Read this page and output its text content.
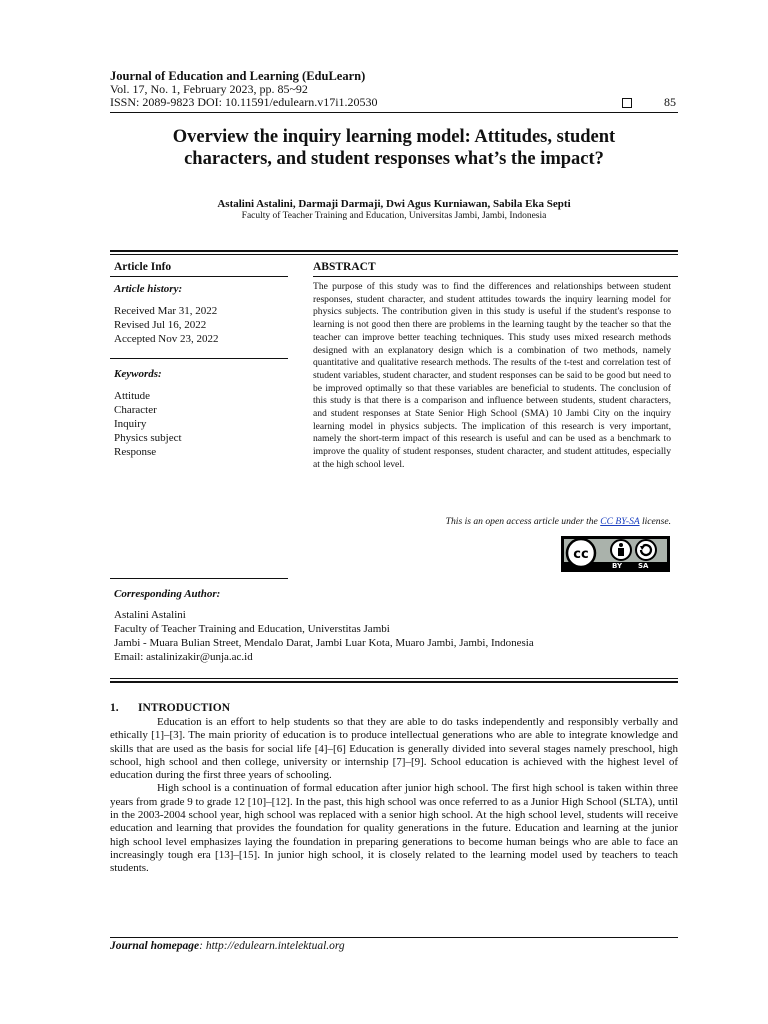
Journal of Education and Learning (EduLearn)
Vol. 17, No. 1, February 2023, pp. 85~92
ISSN: 2089-9823 DOI: 10.11591/edulearn.v17i1.20530	85
Overview the inquiry learning model: Attitudes, student
characters, and student responses what’s the impact?
Astalini Astalini, Darmaji Darmaji, Dwi Agus Kurniawan, Sabila Eka Septi
Faculty of Teacher Training and Education, Universitas Jambi, Jambi, Indonesia
Article Info
Article history:
Received Mar 31, 2022
Revised Jul 16, 2022
Accepted Nov 23, 2022
Keywords:
Attitude
Character
Inquiry
Physics subject
Response
ABSTRACT
The purpose of this study was to find the differences and relationships between student responses, student character, and student attitudes towards the inquiry learning model for physics subjects. The contribution given in this study is useful if the student's response to learning is not good then there are problems in the learning taught by the teacher so that the teacher can improve better teaching techniques. This study uses mixed research methods designed with an explanatory design which is a combination of two methods, namely quantitative and qualitative research methods. The results of the t-test and correlation test of student variables, student character, and student responses can be said to be good but need to be improved optimally so that these variables are beneficial to students. The conclusion of this study is that there is a comparison and influence between students, student characters, and student responses at State Senior High School (SMA) 10 Jambi City on the inquiry learning model in physics subjects. The implication of this research is very important, namely the short-term impact of this research is useful and can be used as a benchmark to improve the quality of student responses, student character, and student attitudes, especially at the high school level.
This is an open access article under the CC BY-SA license.
cc
BY SA
Corresponding Author:
Astalini Astalini
Faculty of Teacher Training and Education, Universtitas Jambi
Jambi - Muara Bulian Street, Mendalo Darat, Jambi Luar Kota, Muaro Jambi, Jambi, Indonesia
Email: astalinizakir@unja.ac.id
1. INTRODUCTION

Education is an effort to help students so that they are able to do tasks independently and responsibly verbally and ethically [1]–[3]. The main priority of education is to produce intellectual generations who are able to integrate knowledge and skills that are used as the basis for social life [4]–[6] Education is generally divided into several stages namely preschool, high school, high school and then college, university or internship [7]–[9]. School education is achieved with the highest level of education during the first three years of schooling.

High school is a continuation of formal education after junior high school. The first high school is taken within three years from grade 9 to grade 12 [10]–[12]. In the past, this high school was once referred to as a Junior High School (SLTA), until in the 2003-2004 school year, high school was replaced with a senior high school. At the high school level, students will receive education and learning that provides the foundation for quality generations in the future. Education and learning at the junior high school level emphasizes laying the foundation in preparing generations to become human beings who are able to face an increasingly tough era [13]–[15]. In junior high school, it is closely related to the learning model used by teachers to teach students.

Journal homepage: http://edulearn.intelektual.org
